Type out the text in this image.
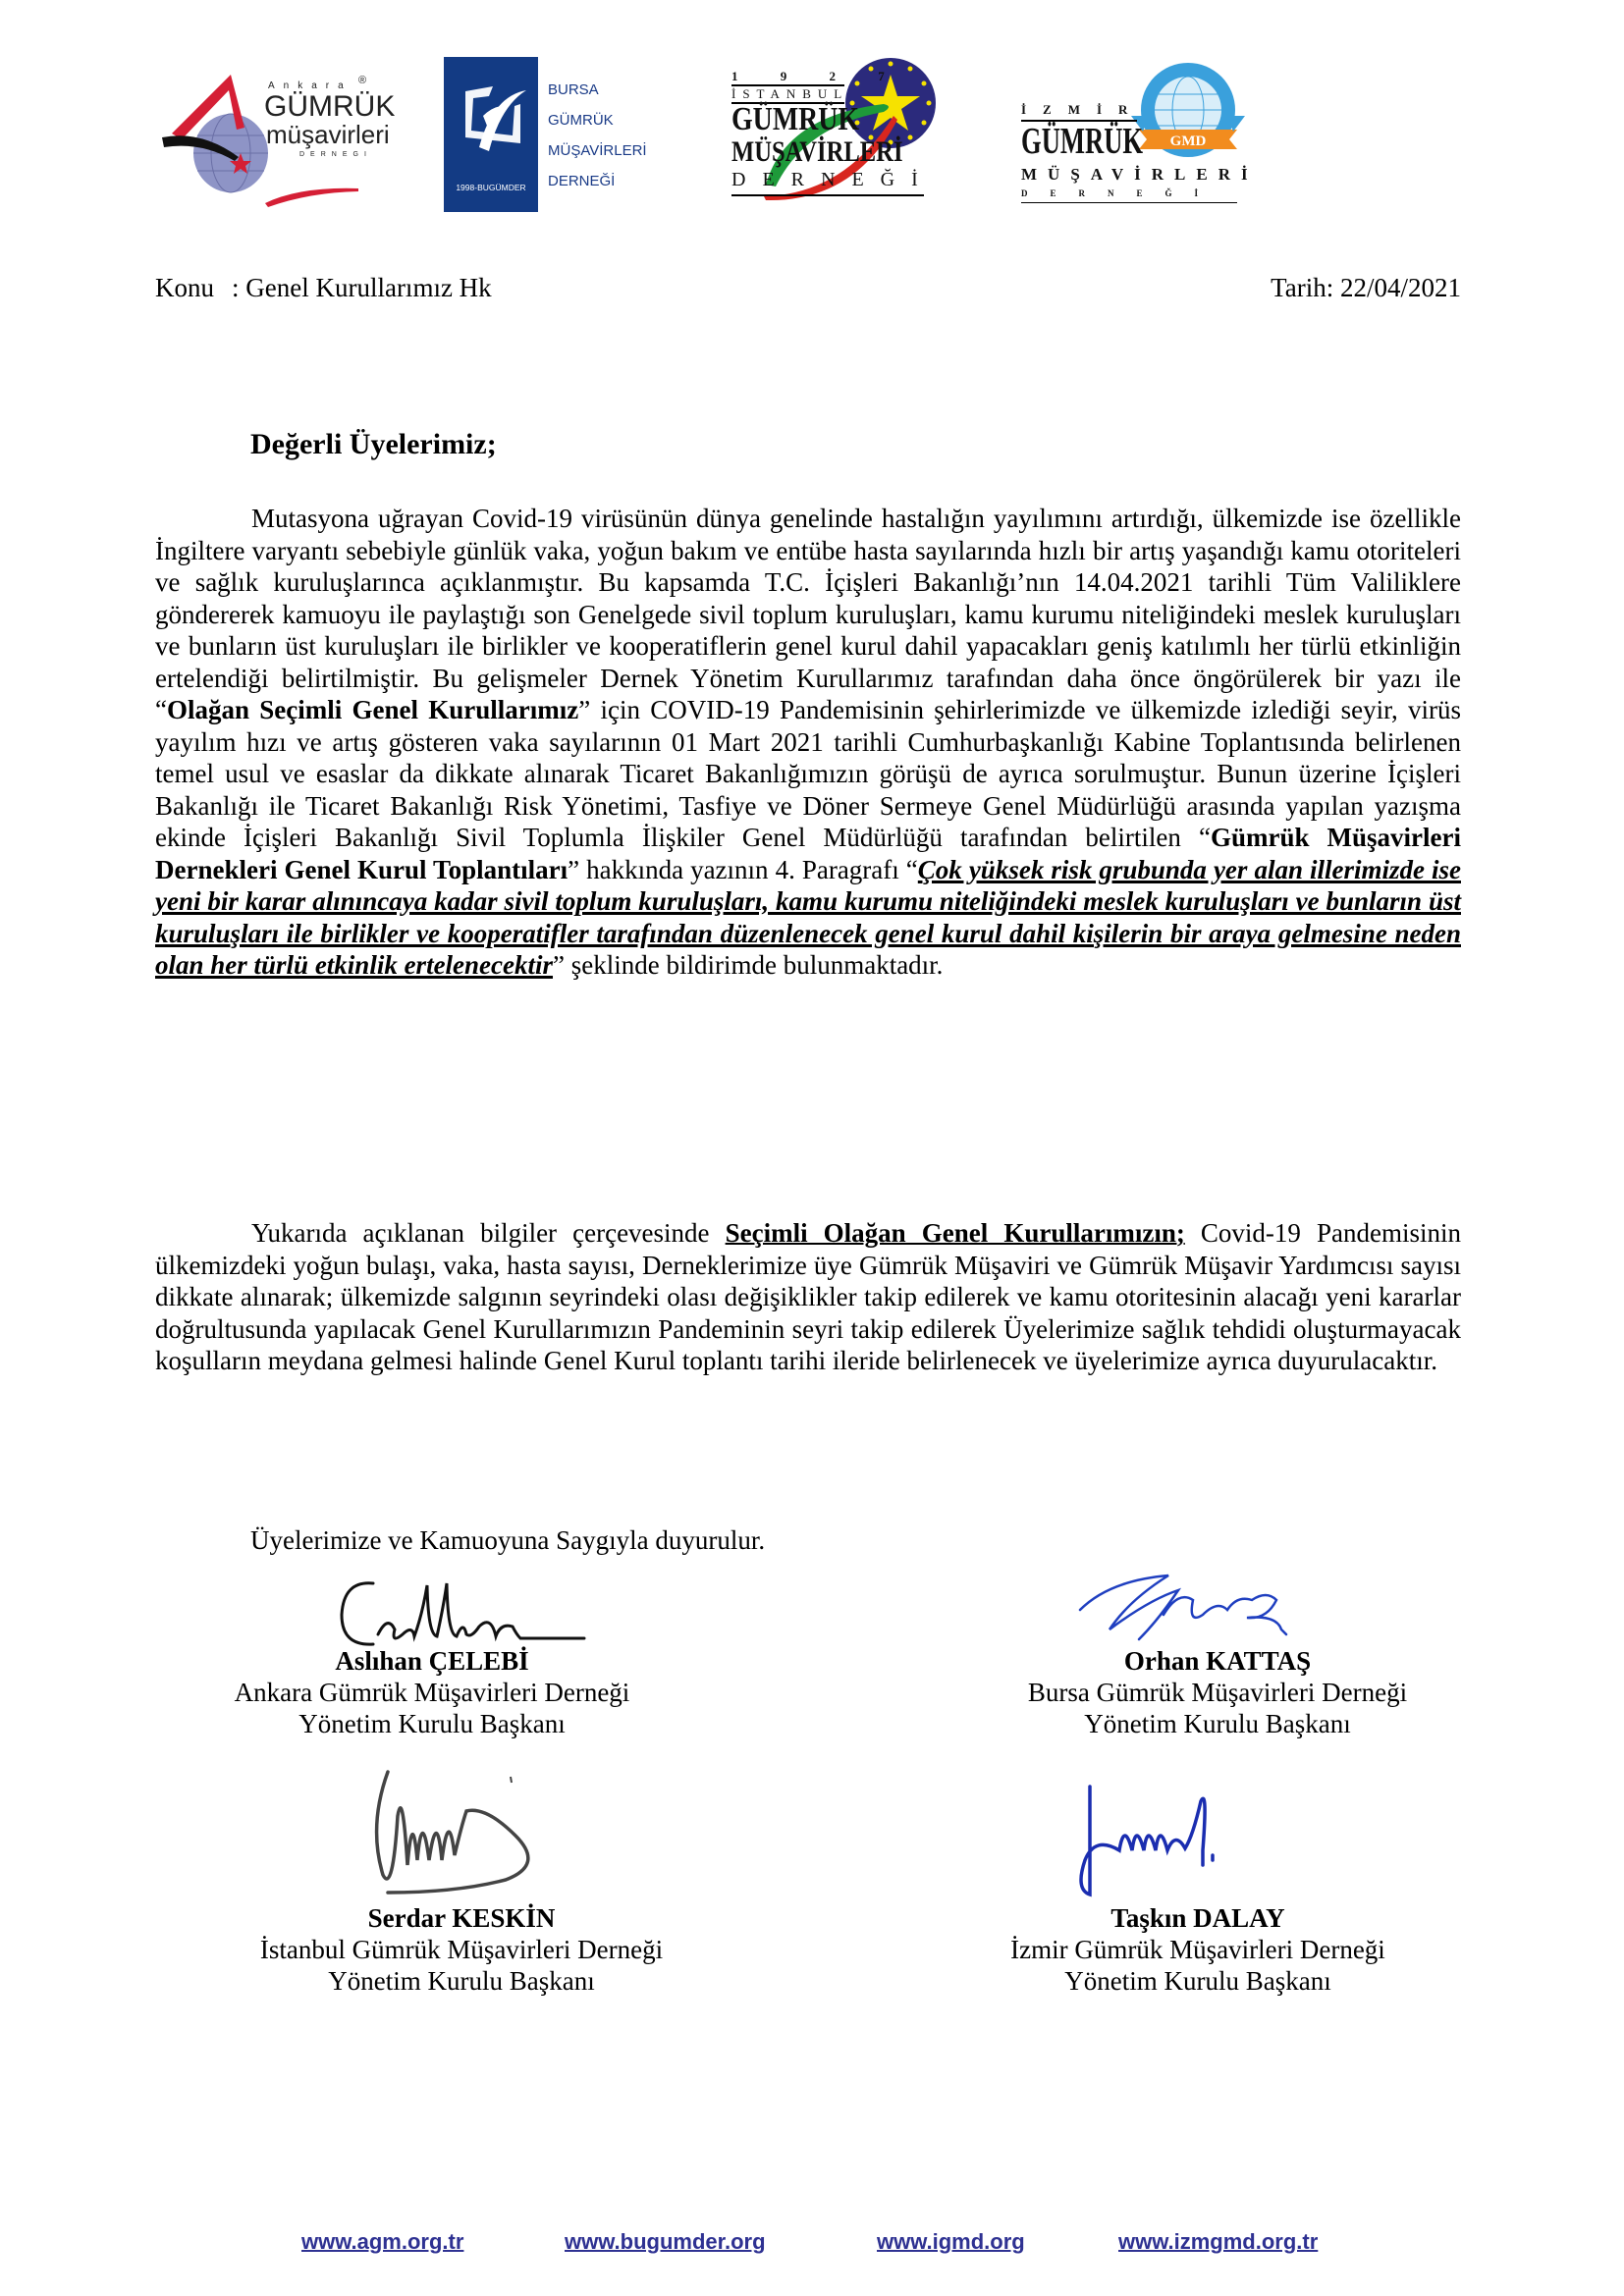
Ankara ®
GÜMRÜK
müşavirleri
DERNEGI
1998-BUGÜMDER
BURSA
GÜMRÜK
MÜŞAVİRLERİ
DERNEĞİ
1 9 2 7
İSTANBUL
GÜMRÜK
MÜŞAVİRLERİ
DERNEĞİ
GMD
İZMİR
GÜMRÜK
MÜŞAVİRLERİ
DERNEĞİ
Konu : Genel Kurullarımız Hk	Tarih: 22/04/2021
Değerli Üyelerimiz;

Mutasyona uğrayan Covid-19 virüsünün dünya genelinde hastalığın yayılımını artırdığı, ülkemizde ise özellikle İngiltere varyantı sebebiyle günlük vaka, yoğun bakım ve entübe hasta sayılarında hızlı bir artış yaşandığı kamu otoriteleri ve sağlık kuruluşlarınca açıklanmıştır. Bu kapsamda T.C. İçişleri Bakanlığı’nın 14.04.2021 tarihli Tüm Valiliklere göndererek kamuoyu ile paylaştığı son Genelgede sivil toplum kuruluşları, kamu kurumu niteliğindeki meslek kuruluşları ve bunların üst kuruluşları ile birlikler ve kooperatiflerin genel kurul dahil yapacakları geniş katılımlı her türlü etkinliğin ertelendiği belirtilmiştir. Bu gelişmeler Dernek Yönetim Kurullarımız tarafından daha önce öngörülerek bir yazı ile “Olağan Seçimli Genel Kurullarımız” için COVID-19 Pandemisinin şehirlerimizde ve ülkemizde izlediği seyir, virüs yayılım hızı ve artış gösteren vaka sayılarının 01 Mart 2021 tarihli Cumhurbaşkanlığı Kabine Toplantısında belirlenen temel usul ve esaslar da dikkate alınarak Ticaret Bakanlığımızın görüşü de ayrıca sorulmuştur. Bunun üzerine İçişleri Bakanlığı ile Ticaret Bakanlığı Risk Yönetimi, Tasfiye ve Döner Sermeye Genel Müdürlüğü arasında yapılan yazışma ekinde İçişleri Bakanlığı Sivil Toplumla İlişkiler Genel Müdürlüğü tarafından belirtilen “Gümrük Müşavirleri Dernekleri Genel Kurul Toplantıları” hakkında yazının 4. Paragrafı “Çok yüksek risk grubunda yer alan illerimizde ise yeni bir karar alınıncaya kadar sivil toplum kuruluşları, kamu kurumu niteliğindeki meslek kuruluşları ve bunların üst kuruluşları ile birlikler ve kooperatifler tarafından düzenlenecek genel kurul dahil kişilerin bir araya gelmesine neden olan her türlü etkinlik ertelenecektir” şeklinde bildirimde bulunmaktadır.

Yukarıda açıklanan bilgiler çerçevesinde Seçimli Olağan Genel Kurullarımızın; Covid-19 Pandemisinin ülkemizdeki yoğun bulaşı, vaka, hasta sayısı, Derneklerimize üye Gümrük Müşaviri ve Gümrük Müşavir Yardımcısı sayısı dikkate alınarak; ülkemizde salgının seyrindeki olası değişiklikler takip edilerek ve kamu otoritesinin alacağı yeni kararlar doğrultusunda yapılacak Genel Kurullarımızın Pandeminin seyri takip edilerek Üyelerimize sağlık tehdidi oluşturmayacak koşulların meydana gelmesi halinde Genel Kurul toplantı tarihi ileride belirlenecek ve üyelerimize ayrıca duyurulacaktır.

Üyelerimize ve Kamuoyuna Saygıyla duyurulur.
Aslıhan ÇELEBİ
Ankara Gümrük Müşavirleri Derneği
Yönetim Kurulu Başkanı
Orhan KATTAŞ
Bursa Gümrük Müşavirleri Derneği
Yönetim Kurulu Başkanı
Serdar KESKİN
İstanbul Gümrük Müşavirleri Derneği
Yönetim Kurulu Başkanı
Taşkın DALAY
İzmir Gümrük Müşavirleri Derneği
Yönetim Kurulu Başkanı
www.agm.org.tr	www.bugumder.org	www.igmd.org	www.izmgmd.org.tr
